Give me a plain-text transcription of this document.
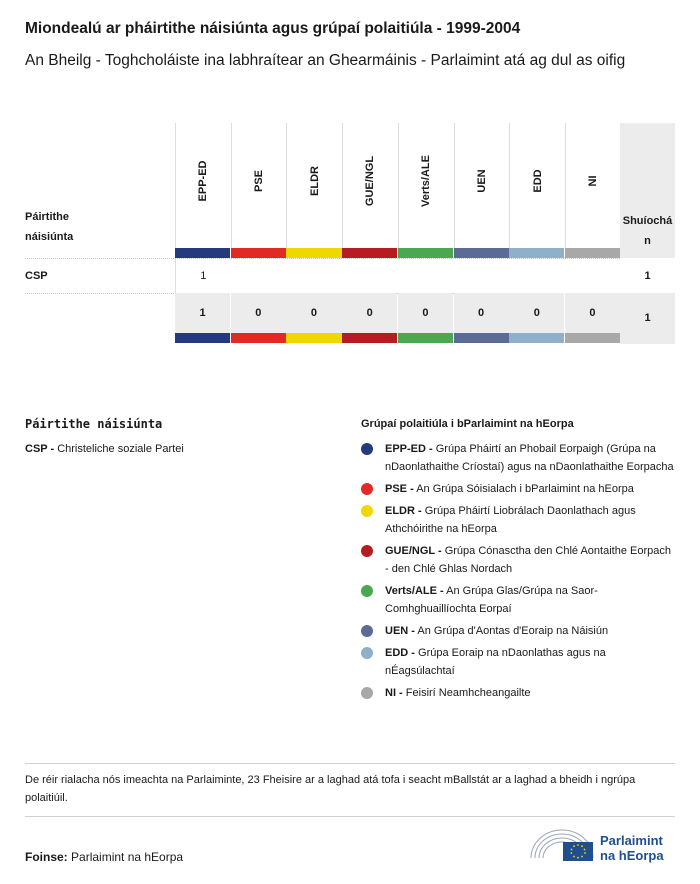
Miondealú ar pháirtithe náisiúnta agus grúpaí polaitiúla - 1999-2004

An Bheilg - Toghcholáiste ina labhraítear an Ghearmáinis - Parlaimint atá ag dul as oifig

Páirtithe náisiúnta
CSP
EPP-ED
1
1
PSE
0
ELDR
0
GUE/NGL
0
Verts/ALE
0
UEN
0
EDD
0
NI
0
Shuíochán
1
1
Páirtithe náisiúnta

CSP - Christeliche soziale Partei

Grúpaí polaitiúla i bParlaimint na hEorpa
EPP-ED - Grúpa Pháirtí an Phobail Eorpaigh (Grúpa na nDaonlathaithe Críostaí) agus na nDaonlathaithe Eorpacha
PSE - An Grúpa Sóisialach i bParlaimint na hEorpa
ELDR - Grúpa Pháirtí Liobrálach Daonlathach agus Athchóirithe na hEorpa
GUE/NGL - Grúpa Cónasctha den Chlé Aontaithe Eorpach - den Chlé Ghlas Nordach
Verts/ALE - An Grúpa Glas/Grúpa na Saor-Comhghuaillíochta Eorpaí
UEN - An Grúpa d'Aontas d'Eoraip na Náisiún
EDD - Grúpa Eoraip na nDaonlathas agus na nÉagsúlachtaí
NI - Feisirí Neamhcheangailte

De réir rialacha nós imeachta na Parlaiminte, 23 Fheisire ar a laghad atá tofa i seacht mBallstát ar a laghad a bheidh i ngrúpa polaitiúil.

Foinse: Parlaimint na hEorpa
Parlaimint
na hEorpa
